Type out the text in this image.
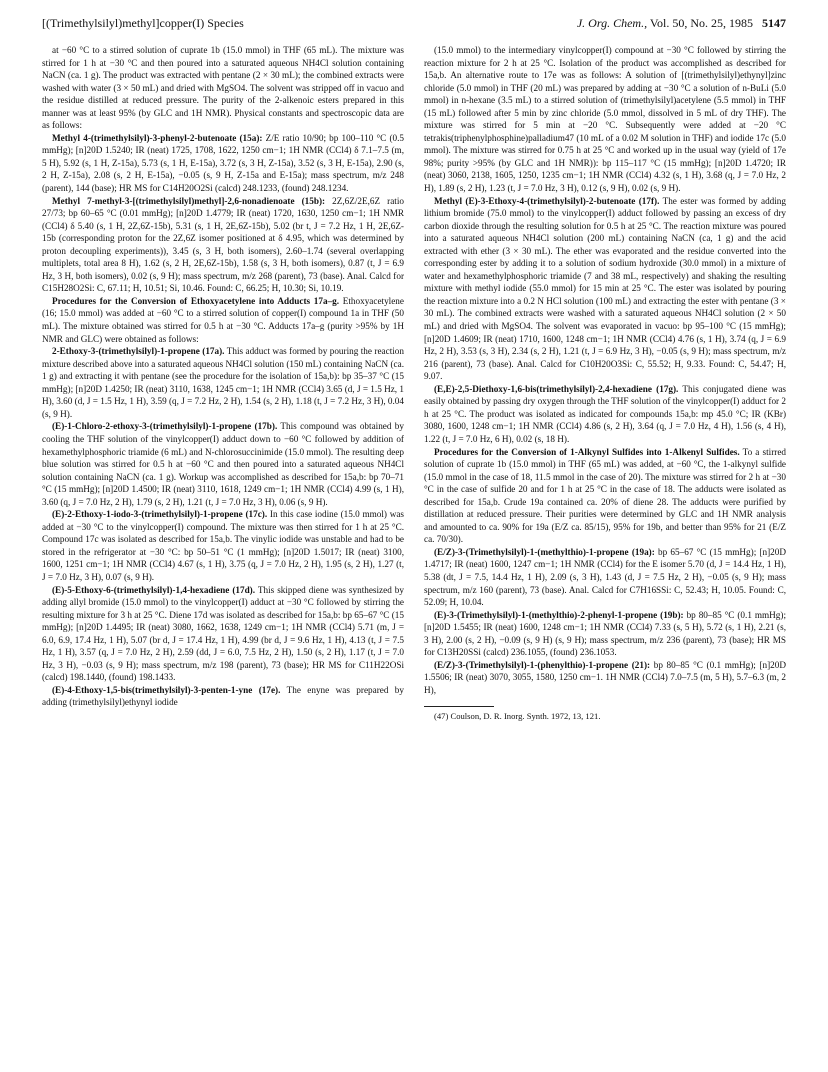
[(Trimethylsilyl)methyl]copper(I) Species	J. Org. Chem., Vol. 50, No. 25, 1985 5147

at −60 °C to a stirred solution of cuprate 1b (15.0 mmol) in THF (65 mL). The mixture was stirred for 1 h at −30 °C and then poured into a saturated aqueous NH4Cl solution containing NaCN (ca. 1 g). The product was extracted with pentane (2 × 30 mL); the combined extracts were washed with water (3 × 50 mL) and dried with MgSO4. The solvent was stripped off in vacuo and the residue distilled at reduced pressure. The purity of the 2-alkenoic esters prepared in this manner was at least 95% (by GLC and 1H NMR). Physical constants and spectroscopic data are as follows:

Methyl 4-(trimethylsilyl)-3-phenyl-2-butenoate (15a): Z/E ratio 10/90; bp 100–110 °C (0.5 mmHg); [n]20D 1.5240; IR (neat) 1725, 1708, 1622, 1250 cm−1; 1H NMR (CCl4) δ 7.1–7.5 (m, 5 H), 5.92 (s, 1 H, Z-15a), 5.73 (s, 1 H, E-15a), 3.72 (s, 3 H, Z-15a), 3.52 (s, 3 H, E-15a), 2.90 (s, 2 H, Z-15a), 2.08 (s, 2 H, E-15a), −0.05 (s, 9 H, Z-15a and E-15a); mass spectrum, m/z 248 (parent), 144 (base); HR MS for C14H20O2Si (calcd) 248.1233, (found) 248.1234.

Methyl 7-methyl-3-[(trimethylsilyl)methyl]-2,6-nonadienoate (15b): 2Z,6Z/2E,6Z ratio 27/73; bp 60–65 °C (0.01 mmHg); [n]20D 1.4779; IR (neat) 1720, 1630, 1250 cm−1; 1H NMR (CCl4) δ 5.40 (s, 1 H, 2Z,6Z-15b), 5.31 (s, 1 H, 2E,6Z-15b), 5.02 (br t, J = 7.2 Hz, 1 H, 2E,6Z-15b (corresponding proton for the 2Z,6Z isomer positioned at δ 4.95, which was determined by proton decoupling experiments)), 3.45 (s, 3 H, both isomers), 2.60–1.74 (several overlapping multiplets, total area 8 H), 1.62 (s, 2 H, 2E,6Z-15b), 1.58 (s, 3 H, both isomers), 0.87 (t, J = 6.9 Hz, 3 H, both isomers), 0.02 (s, 9 H); mass spectrum, m/z 268 (parent), 73 (base). Anal. Calcd for C15H28O2Si: C, 67.11; H, 10.51; Si, 10.46. Found: C, 66.25; H, 10.30; Si, 10.19.

Procedures for the Conversion of Ethoxyacetylene into Adducts 17a–g. Ethoxyacetylene (16; 15.0 mmol) was added at −60 °C to a stirred solution of copper(I) compound 1a in THF (50 mL). The mixture obtained was stirred for 0.5 h at −30 °C. Adducts 17a–g (purity >95% by 1H NMR and GLC) were obtained as follows:

2-Ethoxy-3-(trimethylsilyl)-1-propene (17a). This adduct was formed by pouring the reaction mixture described above into a saturated aqueous NH4Cl solution (150 mL) containing NaCN (ca. 1 g) and extracting it with pentane (see the procedure for the isolation of 15a,b): bp 35–37 °C (15 mmHg); [n]20D 1.4250; IR (neat) 3110, 1638, 1245 cm−1; 1H NMR (CCl4) 3.65 (d, J = 1.5 Hz, 1 H), 3.60 (d, J = 1.5 Hz, 1 H), 3.59 (q, J = 7.2 Hz, 2 H), 1.54 (s, 2 H), 1.18 (t, J = 7.2 Hz, 3 H), 0.04 (s, 9 H).

(E)-1-Chloro-2-ethoxy-3-(trimethylsilyl)-1-propene (17b). This compound was obtained by cooling the THF solution of the vinylcopper(I) adduct down to −60 °C followed by addition of hexamethylphosphoric triamide (6 mL) and N-chlorosuccinimide (15.0 mmol). The resulting deep blue solution was stirred for 0.5 h at −60 °C and then poured into a saturated aqueous NH4Cl solution containing NaCN (ca. 1 g). Workup was accomplished as described for 15a,b: bp 70–71 °C (15 mmHg); [n]20D 1.4500; IR (neat) 3110, 1618, 1249 cm−1; 1H NMR (CCl4) 4.99 (s, 1 H), 3.60 (q, J = 7.0 Hz, 2 H), 1.79 (s, 2 H), 1.21 (t, J = 7.0 Hz, 3 H), 0.06 (s, 9 H).

(E)-2-Ethoxy-1-iodo-3-(trimethylsilyl)-1-propene (17c). In this case iodine (15.0 mmol) was added at −30 °C to the vinylcopper(I) compound. The mixture was then stirred for 1 h at 25 °C. Compound 17c was isolated as described for 15a,b. The vinylic iodide was unstable and had to be stored in the refrigerator at −30 °C: bp 50–51 °C (1 mmHg); [n]20D 1.5017; IR (neat) 3100, 1600, 1251 cm−1; 1H NMR (CCl4) 4.67 (s, 1 H), 3.75 (q, J = 7.0 Hz, 2 H), 1.95 (s, 2 H), 1.27 (t, J = 7.0 Hz, 3 H), 0.07 (s, 9 H).

(E)-5-Ethoxy-6-(trimethylsilyl)-1,4-hexadiene (17d). This skipped diene was synthesized by adding allyl bromide (15.0 mmol) to the vinylcopper(I) adduct at −30 °C followed by stirring the resulting mixture for 3 h at 25 °C. Diene 17d was isolated as described for 15a,b: bp 65–67 °C (15 mmHg); [n]20D 1.4495; IR (neat) 3080, 1662, 1638, 1249 cm−1; 1H NMR (CCl4) 5.71 (m, J = 6.0, 6.9, 17.4 Hz, 1 H), 5.07 (br d, J = 17.4 Hz, 1 H), 4.99 (br d, J = 9.6 Hz, 1 H), 4.13 (t, J = 7.5 Hz, 1 H), 3.57 (q, J = 7.0 Hz, 2 H), 2.59 (dd, J = 6.0, 7.5 Hz, 2 H), 1.50 (s, 2 H), 1.17 (t, J = 7.0 Hz, 3 H), −0.03 (s, 9 H); mass spectrum, m/z 198 (parent), 73 (base); HR MS for C11H22OSi (calcd) 198.1440, (found) 198.1433.

(E)-4-Ethoxy-1,5-bis(trimethylsilyl)-3-penten-1-yne (17e). The enyne was prepared by adding (trimethylsilyl)ethynyl iodide

(15.0 mmol) to the intermediary vinylcopper(I) compound at −30 °C followed by stirring the reaction mixture for 2 h at 25 °C. Isolation of the product was accomplished as described for 15a,b. An alternative route to 17e was as follows: A solution of [(trimethylsilyl)ethynyl]zinc chloride (5.0 mmol) in THF (20 mL) was prepared by adding at −30 °C a solution of n-BuLi (5.0 mmol) in n-hexane (3.5 mL) to a stirred solution of (trimethylsilyl)acetylene (5.5 mmol) in THF (15 mL) followed after 5 min by zinc chloride (5.0 mmol, dissolved in 5 mL of dry THF). The mixture was stirred for 5 min at −20 °C. Subsequently were added at −20 °C tetrakis(triphenylphosphine)palladium47 (10 mL of a 0.02 M solution in THF) and iodide 17c (5.0 mmol). The mixture was stirred for 0.75 h at 25 °C and worked up in the usual way (yield of 17e 98%; purity >95% (by GLC and 1H NMR)): bp 115–117 °C (15 mmHg); [n]20D 1.4720; IR (neat) 3060, 2138, 1605, 1250, 1235 cm−1; 1H NMR (CCl4) 4.32 (s, 1 H), 3.68 (q, J = 7.0 Hz, 2 H), 1.89 (s, 2 H), 1.23 (t, J = 7.0 Hz, 3 H), 0.12 (s, 9 H), 0.02 (s, 9 H).

Methyl (E)-3-Ethoxy-4-(trimethylsilyl)-2-butenoate (17f). The ester was formed by adding lithium bromide (75.0 mmol) to the vinylcopper(I) adduct followed by passing an excess of dry carbon dioxide through the resulting solution for 0.5 h at 25 °C. The reaction mixture was poured into a saturated aqueous NH4Cl solution (200 mL) containing NaCN (ca, 1 g) and the acid extracted with ether (3 × 30 mL). The ether was evaporated and the residue converted into the corresponding ester by adding it to a solution of sodium hydroxide (30.0 mmol) in a mixture of water and hexamethylphosphoric triamide (7 and 38 mL, respectively) and shaking the resulting mixture with methyl iodide (55.0 mmol) for 15 min at 25 °C. The ester was isolated by pouring the reaction mixture into a 0.2 N HCl solution (100 mL) and extracting the ester with pentane (3 × 30 mL). The combined extracts were washed with a saturated aqueous NH4Cl solution (2 × 50 mL) and dried with MgSO4. The solvent was evaporated in vacuo: bp 95–100 °C (15 mmHg); [n]20D 1.4609; IR (neat) 1710, 1600, 1248 cm−1; 1H NMR (CCl4) 4.76 (s, 1 H), 3.74 (q, J = 6.9 Hz, 2 H), 3.53 (s, 3 H), 2.34 (s, 2 H), 1.21 (t, J = 6.9 Hz, 3 H), −0.05 (s, 9 H); mass spectrum, m/z 216 (parent), 73 (base). Anal. Calcd for C10H20O3Si: C, 55.52; H, 9.33. Found: C, 54.47; H, 9.07.

(E,E)-2,5-Diethoxy-1,6-bis(trimethylsilyl)-2,4-hexadiene (17g). This conjugated diene was easily obtained by passing dry oxygen through the THF solution of the vinylcopper(I) adduct for 2 h at 25 °C. The product was isolated as indicated for compounds 15a,b: mp 45.0 °C; IR (KBr) 3080, 1600, 1248 cm−1; 1H NMR (CCl4) 4.86 (s, 2 H), 3.64 (q, J = 7.0 Hz, 4 H), 1.56 (s, 4 H), 1.22 (t, J = 7.0 Hz, 6 H), 0.02 (s, 18 H).

Procedures for the Conversion of 1-Alkynyl Sulfides into 1-Alkenyl Sulfides. To a stirred solution of cuprate 1b (15.0 mmol) in THF (65 mL) was added, at −60 °C, the 1-alkynyl sulfide (15.0 mmol in the case of 18, 11.5 mmol in the case of 20). The mixture was stirred for 2 h at −30 °C in the case of sulfide 20 and for 1 h at 25 °C in the case of 18. The adducts were isolated as described for 15a,b. Crude 19a contained ca. 20% of diene 28. The adducts were purified by distillation at reduced pressure. Their purities were determined by GLC and 1H NMR analysis and amounted to ca. 90% for 19a (E/Z ca. 85/15), 95% for 19b, and better than 95% for 21 (E/Z ca. 70/30).

(E/Z)-3-(Trimethylsilyl)-1-(methylthio)-1-propene (19a): bp 65–67 °C (15 mmHg); [n]20D 1.4717; IR (neat) 1600, 1247 cm−1; 1H NMR (CCl4) for the E isomer 5.70 (d, J = 14.4 Hz, 1 H), 5.38 (dt, J = 7.5, 14.4 Hz, 1 H), 2.09 (s, 3 H), 1.43 (d, J = 7.5 Hz, 2 H), −0.05 (s, 9 H); mass spectrum, m/z 160 (parent), 73 (base). Anal. Calcd for C7H16SSi: C, 52.43; H, 10.05. Found: C, 52.09; H, 10.04.

(E)-3-(Trimethylsilyl)-1-(methylthio)-2-phenyl-1-propene (19b): bp 80–85 °C (0.1 mmHg); [n]20D 1.5455; IR (neat) 1600, 1248 cm−1; 1H NMR (CCl4) 7.33 (s, 5 H), 5.72 (s, 1 H), 2.21 (s, 3 H), 2.00 (s, 2 H), −0.09 (s, 9 H) (s, 9 H); mass spectrum, m/z 236 (parent), 73 (base); HR MS for C13H20SSi (calcd) 236.1055, (found) 236.1053.

(E/Z)-3-(Trimethylsilyl)-1-(phenylthio)-1-propene (21): bp 80–85 °C (0.1 mmHg); [n]20D 1.5506; IR (neat) 3070, 3055, 1580, 1250 cm−1. 1H NMR (CCl4) 7.0–7.5 (m, 5 H), 5.7–6.3 (m, 2 H),

(47) Coulson, D. R. Inorg. Synth. 1972, 13, 121.
